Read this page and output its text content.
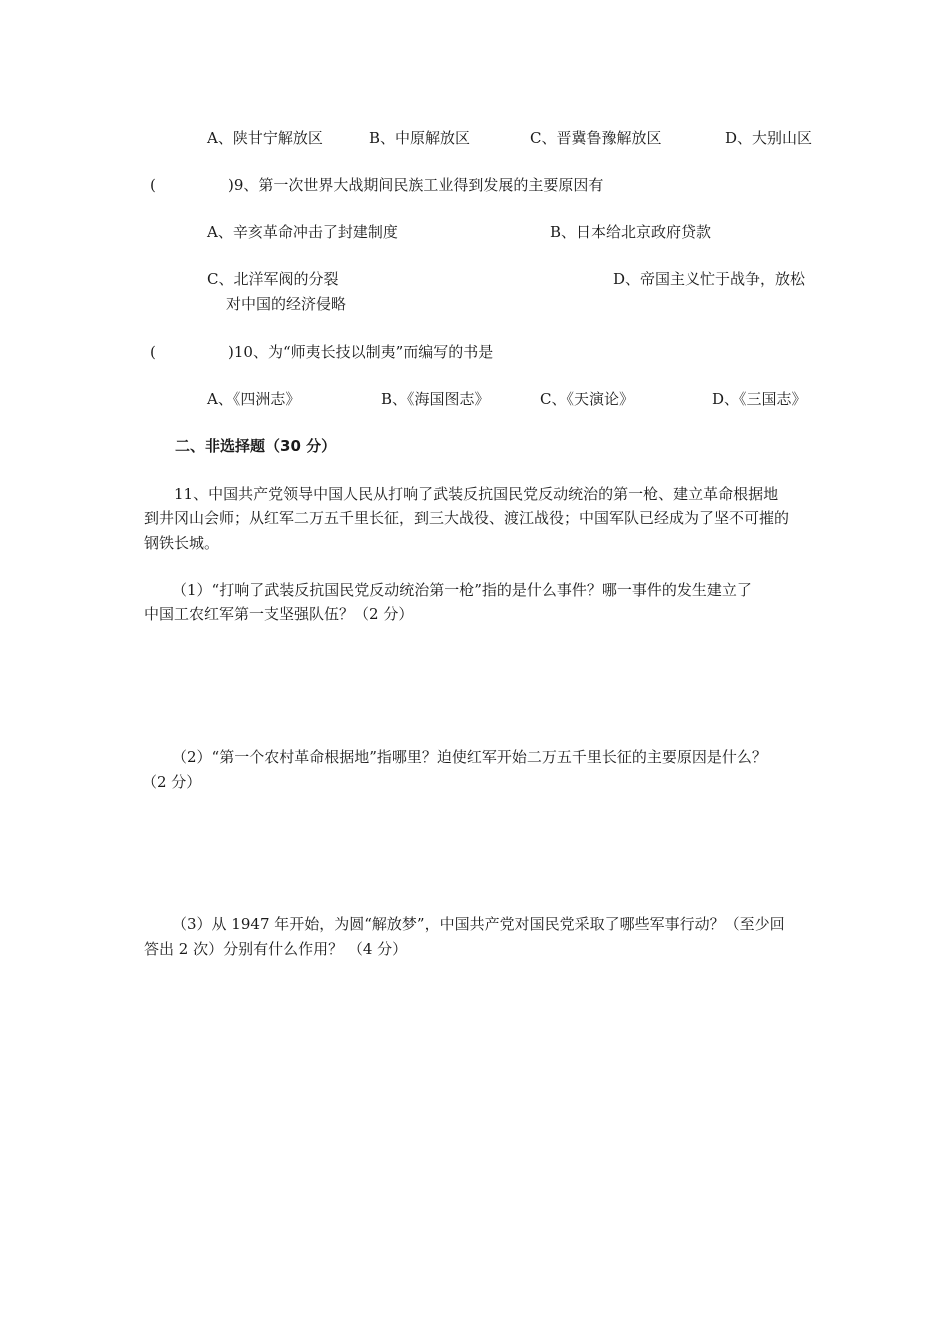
A、陕甘宁解放区	B、中原解放区	C、晋冀鲁豫解放区	D、大别山区
(	)9、第一次世界大战期间民族工业得到发展的主要原因有
A、辛亥革命冲击了封建制度	B、日本给北京政府贷款
C、北洋军阀的分裂	D、帝国主义忙于战争，放松
对中国的经济侵略
(	)10、为“师夷长技以制夷”而编写的书是
A、《四洲志》	B、《海国图志》	C、《天演论》	D、《三国志》
二、非选择题（30 分）
11、中国共产党领导中国人民从打响了武装反抗国民党反动统治的第一枪、建立革命根据地
到井冈山会师；从红军二万五千里长征，到三大战役、渡江战役；中国军队已经成为了坚不可摧的
钢铁长城。
（1）“打响了武装反抗国民党反动统治第一枪”指的是什么事件？哪一事件的发生建立了
中国工农红军第一支坚强队伍？（2 分）
（2）“第一个农村革命根据地”指哪里？迫使红军开始二万五千里长征的主要原因是什么？
（2 分）
（3）从 1947 年开始，为圆“解放梦”，中国共产党对国民党采取了哪些军事行动？（至少回
答出 2 次）分别有什么作用？ （4 分）
